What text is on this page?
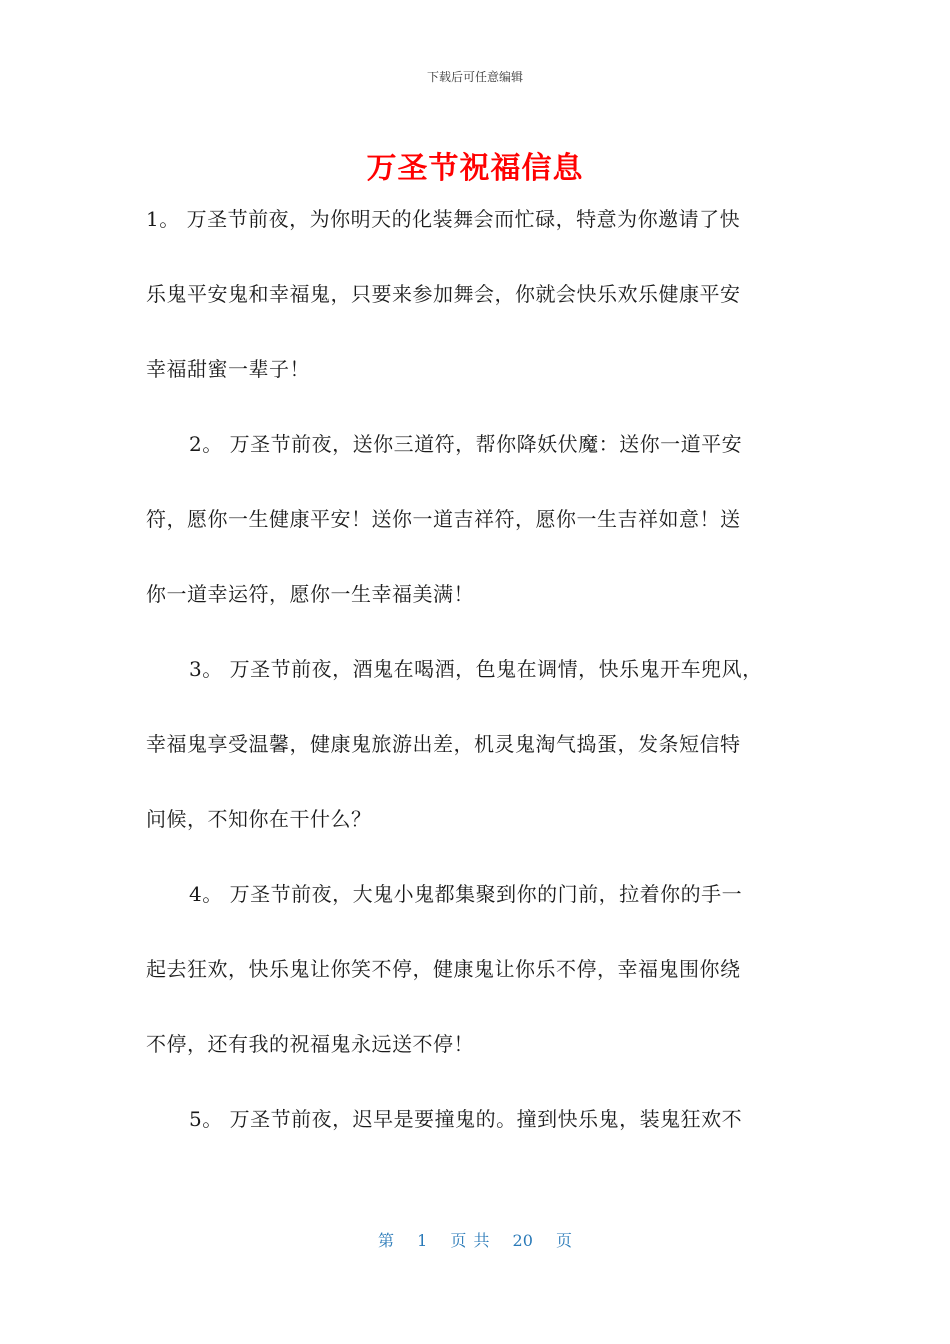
下载后可任意编辑
万圣节祝福信息
1。 万圣节前夜，为你明天的化装舞会而忙碌，特意为你邀请了快
乐鬼平安鬼和幸福鬼，只要来参加舞会，你就会快乐欢乐健康平安
幸福甜蜜一辈子！
2。 万圣节前夜，送你三道符，帮你降妖伏魔：送你一道平安
符，愿你一生健康平安！送你一道吉祥符，愿你一生吉祥如意！送
你一道幸运符，愿你一生幸福美满！
3。 万圣节前夜，酒鬼在喝酒，色鬼在调情，快乐鬼开车兜风，
幸福鬼享受温馨，健康鬼旅游出差，机灵鬼淘气捣蛋，发条短信特
问候，不知你在干什么？
4。 万圣节前夜，大鬼小鬼都集聚到你的门前，拉着你的手一
起去狂欢，快乐鬼让你笑不停，健康鬼让你乐不停，幸福鬼围你绕
不停，还有我的祝福鬼永远送不停！
5。 万圣节前夜，迟早是要撞鬼的。撞到快乐鬼，装鬼狂欢不
第 1 页 共 20 页
